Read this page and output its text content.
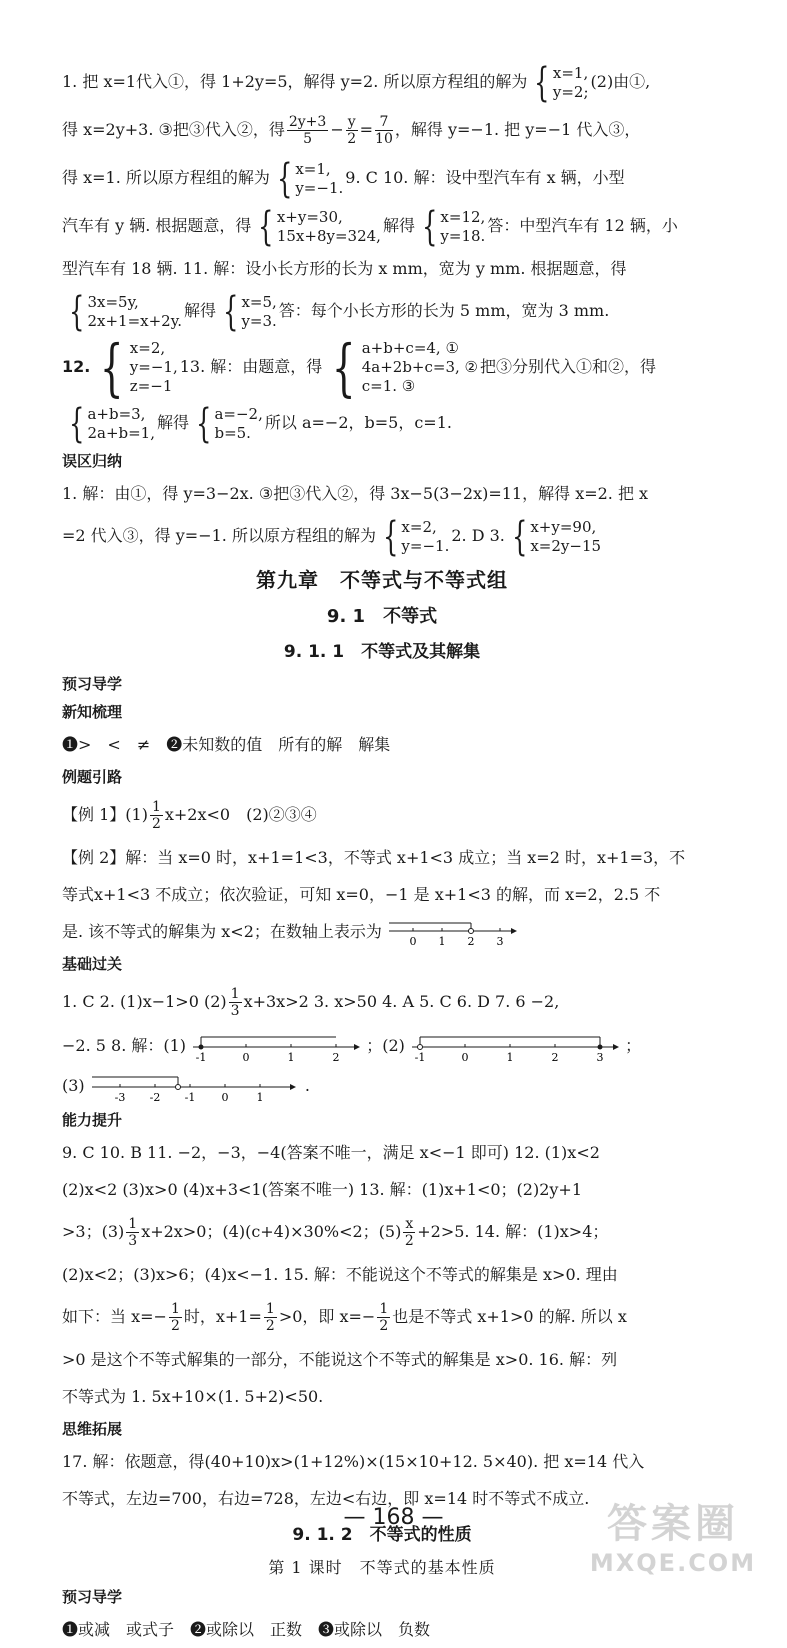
1. 把 x=1代入①，得 1+2y=5，解得 y=2. 所以原方程组的解为 { x=1,
y=2;
(2)由①,
得 x=2y+3. ③把③代入②，得 $\frac{2y+3}{5} - \frac{y}{2} = \frac{7}{10}$ ，解得 y=−1. 把 y=−1 代入③，
得 x=1. 所以原方程组的解为 { x=1,
y=−1.
9. C 10. 解：设中型汽车有 x 辆，小型
汽车有 y 辆. 根据题意，得 { x+y=30,
15x+8y=324,
解得 { x=12,
y=18.
答：中型汽车有 12 辆，小
型汽车有 18 辆. 11. 解：设小长方形的长为 x mm，宽为 y mm. 根据题意，得
{ 3x=5y,
2x+1=x+2y.
解得 { x=5,
y=3.
答：每个小长方形的长为 5 mm，宽为 3 mm.
12. { x=2,
y=−1,
z=−1
13. 解：由题意，得 { a+b+c=4, ①
4a+2b+c=3, ②
c=1. ③
把③分别代入①和②，得
{ a+b=3,
2a+b=1,
解得 { a=−2,
b=5.
所以 a=−2，b=5，c=1.
误区归纳
1. 解：由①，得 y=3−2x. ③把③代入②，得 3x−5(3−2x)=11，解得 x=2. 把 x
=2 代入③，得 y=−1. 所以原方程组的解为 { x=2,
y=−1.
2. D 3. { x+y=90,
x=2y−15
第九章　不等式与不等式组
9. 1　不等式
9. 1. 1　不等式及其解集
预习导学
新知梳理
❶>　<　≠　❷未知数的值　所有的解　解集
例题引路
【例 1】$(1) \frac{1}{2} x+2x<0$　(2)②③④
【例 2】解：当 x=0 时，x+1=1<3，不等式 x+1<3 成立；当 x=2 时，x+1=3，不
等式x+1<3 不成立；依次验证，可知 x=0，−1 是 x+1<3 的解，而 x=2，2.5 不
是. 该不等式的解集为 x<2；在数轴上表示为	0 1 2 3
基础过关
1. C 2. (1)x−1>0 $(2) \frac{1}{3} x+3x>2$ 3. x>50 4. A 5. C 6. D 7. 6 −2,
−2. 5 8. 解：(1)
-1	0	1	2
；(2)
-1	0	1	2	3
；
(3)
-3 -2 -1 0	1
.
能力提升
9. C 10. B 11. −2，−3，−4(答案不唯一，满足 x<−1 即可) 12. (1)x<2
(2)x<2 (3)x>0 (4)x+3<1(答案不唯一) 13. 解：(1)x+1<0；(2)2y+1
>3；$(3) \frac{1}{3} x+2x>0$；(4)(c+4)×30%<2；$(5) \frac{x}{2} +2>5$. 14. 解：(1)x>4；
(2)x<2；(3)x>6；(4)x<−1. 15. 解：不能说这个不等式的解集是 x>0. 理由
如下：当 $x=- \frac{1}{2}$ 时，$x+1= \frac{1}{2} >0$，即 $x=- \frac{1}{2}$ 也是不等式 x+1>0 的解. 所以 x
>0 是这个不等式解集的一部分，不能说这个不等式的解集是 x>0. 16. 解：列
不等式为 1. 5x+10×(1. 5+2)<50.
思维拓展
17. 解：依题意，得(40+10)x>(1+12%)×(15×10+12. 5×40). 把 x=14 代入
不等式，左边=700，右边=728，左边<右边，即 x=14 时不等式不成立.
9. 1. 2　不等式的性质
第 1 课时　不等式的基本性质
预习导学
❶或减　或式子　❷或除以　正数　❸或除以　负数
— 168 —	答案圈
MXQE.COM
